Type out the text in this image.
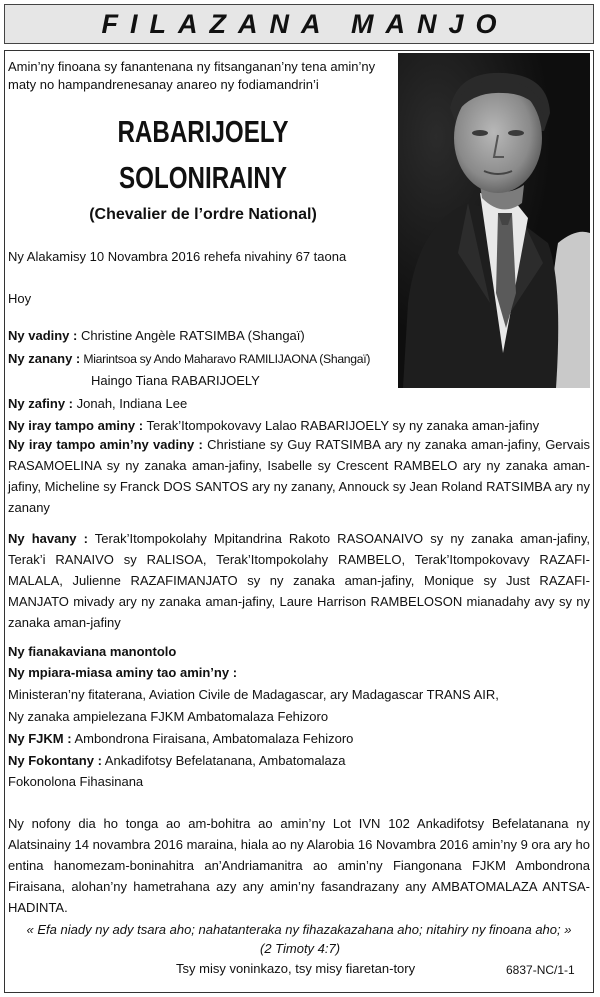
FILAZANA MANJO
Amin’ny finoana sy fanantenana ny fitsanganan’ny tena amin’ny maty no hampandrenesanay anareo ny fodiamandrin’i
RABARIJOELY
SOLONIRAINY
(Chevalier de l’ordre National)
Ny Alakamisy 10 Novambra 2016 rehefa nivahiny 67 taona
Hoy
Ny vadiny : Christine Angèle RATSIMBA (Shangaï)
Ny zanany : Miarintsoa sy Ando Maharavo RAMILIJAONA (Shangaï)
Haingo Tiana RABARIJOELY
Ny zafiny : Jonah, Indiana Lee
Ny iray tampo aminy : Terak’Itompokovavy Lalao RABARIJOELY sy ny zanaka aman-jafiny
Ny iray tampo amin’ny vadiny : Christiane sy Guy RATSIMBA ary ny zanaka aman-jafiny, Gervais RASAMOELINA sy ny zanaka aman-jafiny, Isabelle sy Crescent RAMBELO ary ny zanaka aman-jafiny, Micheline sy Franck DOS SANTOS ary ny zanany, Annouck sy Jean Roland RATSIMBA ary ny zanany
Ny havany : Terak’Itompokolahy Mpitandrina Rakoto RASOANAIVO sy ny zanaka aman-jafiny, Terak’i RANAIVO sy RALISOA, Terak’Itompokolahy RAMBELO, Terak’Itompokovavy RAZAFI-MALALA, Julienne RAZAFIMANJATO sy ny zanaka aman-jafiny, Monique sy Just RAZAFI-MANJATO mivady ary ny zanaka aman-jafiny, Laure Harrison RAMBELOSON mianadahy avy sy ny zanaka aman-jafiny
Ny fianakaviana manontolo
Ny mpiara-miasa aminy tao amin’ny :
Ministeran’ny fitaterana, Aviation Civile de Madagascar, ary Madagascar TRANS AIR,
Ny zanaka ampielezana FJKM Ambatomalaza Fehizoro
Ny FJKM : Ambondrona Firaisana, Ambatomalaza Fehizoro
Ny Fokontany : Ankadifotsy Befelatanana, Ambatomalaza
Fokonolona Fihasinana
Ny nofony dia ho tonga ao am-bohitra ao amin’ny Lot IVN 102 Ankadifotsy Befelatanana ny Alatsinainy 14 novambra 2016 maraina, hiala ao ny Alarobia 16 Novambra 2016 amin’ny 9 ora ary ho entina hanomezam-boninahitra an’Andriamanitra ao amin’ny Fiangonana FJKM Ambondrona Firaisana, alohan’ny hametrahana azy any amin’ny fasandrazany any AMBATOMALAZA ANTSA-HADINTA.
« Efa niady ny ady tsara aho; nahatanteraka ny fihazakazahana aho; nitahiry ny finoana aho; »
(2 Timoty 4:7)
Tsy misy voninkazo, tsy misy fiaretan-tory	6837-NC/1-1
